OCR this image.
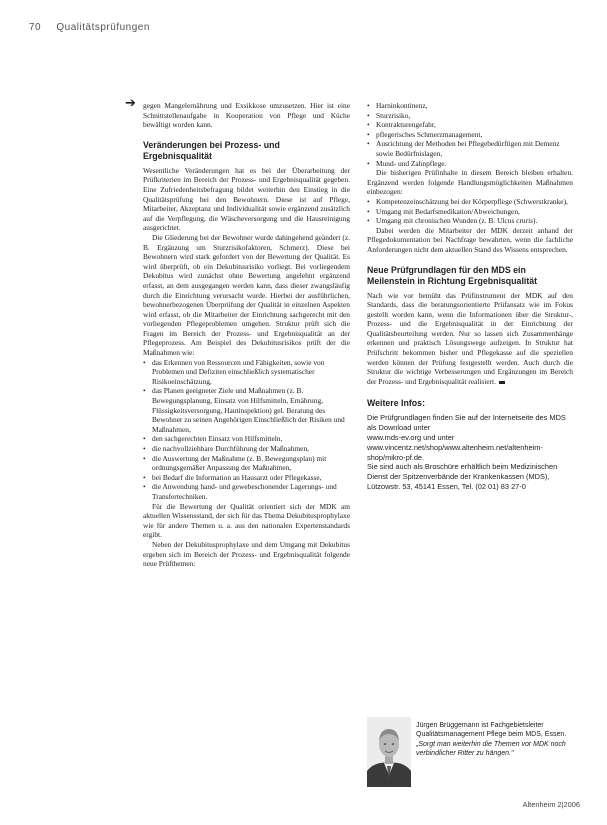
70 Qualitätsprüfungen

➔ gegen Mangelernährung und Exsikkose umzusetzen. Hier ist eine Schnittstellenaufgabe in Kooperation von Pflege und Küche bewältigt worden kann.

Veränderungen bei Prozess- und Ergebnisqualität

Wesentliche Veränderungen hat es bei der Überarbeitung der Prüfkriterien im Bereich der Prozess- und Ergebnisqualität gegeben. Eine Zufriedenheitsbefragung bildet weiterhin den Einstieg in die Qualitätsprüfung bei den Bewohnern. Diese ist auf Pflege, Mitarbeiter, Akzeptanz und Individualität sowie ergänzend zusätzlich auf die Verpflegung, die Wäscheversorgung und die Hausreinigung ausgerichtet.

Die Gliederung bei der Bewohner wurde dahingehend geändert (z. B. Ergänzung um Sturzrisikofaktoren, Schmerz). Diese bei Bewohnern wird stark gefordert von der Bewertung der Qualität. Es wird überprüft, ob ein Dekubitusrisiko vorliegt. Bei vorliegendem Dekubitus wird zunächst ohne Bewertung angelehnt ergänzend erfasst, an dem ausgegangen werden kann, dass dieser zwangsläufig durch die Einrichtung verursacht wurde. Hierbei der ausführlichen, bewohnerbezogenen Überprüfung der Qualität in einzelnen Aspekten wird erfasst, ob die Mitarbeiter der Einrichtung sachgerecht mit den vorliegenden Pflegeproblemen umgehen. Struktur prüft sich die Fragen im Bereich der Prozess- und Ergebnisqualität an der Pflegeprozess. Am Beispiel des Dekubitusrisikos prüft der die Maßnahmen wie:

• das Erkennen von Ressourcen und Fähigkeiten, sowie von Problemen und Defiziten einschließlich systematischer Risikoeinschätzung,
• das Planen geeigneter Ziele und Maßnahmen (z. B. Bewegungsplanung, Einsatz von Hilfsmitteln, Ernährung, Flüssigkeitsversorgung, Hautinspektion) gel. Beratung des Bewohner zu seinen Angehörigen Einschließlich der Risiken und Maßnahmen,
• den sachgerechten Einsatz von Hilfsmitteln,
• die nachvollziehbare Durchführung der Maßnahmen,
• die Auswertung der Maßnahme (z. B. Bewegungsplan) mit ordnungsgemäßer Anpassung der Maßnahmen,
• bei Bedarf die Information an Hausarzt oder Pflegekasse,
• die Anwendung hand- und gewebeschonender Lagerungs- und Transfertechniken.

Für die Bewertung der Qualität orientiert sich der MDK am aktuellen Wissensstand, der sich für das Thema Dekubitusprophylaxe wie für andere Themen u. a. aus den nationalen Expertenstandards ergibt.

Neben der Dekubitusprophylaxe und dem Umgang mit Dekubitus ergeben sich im Bereich der Prozess- und Ergebnisqualität folgende neue Prüfthemen:

• Harninkontinenz,
• Sturzrisiko,
• Kontrakturengefahr,
• pflegerisches Schmerzmanagement,
• Ausrichtung der Methoden bei Pflegebedürftigen mit Demenz sowie Bedürfnislagen,
• Mund- und Zahnpflege.

Die bisherigen Prüfinhalte in diesem Bereich bleiben erhalten. Ergänzend werden folgende Handlungsmöglichkeiten Maßnahmen einbezogen:

• Kompetenzeinschätzung bei der Körperpflege (Schwerstkranke),
• Umgang mit Bedarfsmedikation/Abweichungen,
• Umgang mit chronischen Wunden (z. B. Ulcus cruris).

Dabei werden die Mitarbeiter der MDK derzeit anhand der Pflegedokumentation bei Nachfrage bewahrten, wenn die fachliche Anforderungen nicht dem aktuellen Stand des Wissens entsprechen.

Neue Prüfgrundlagen für den MDS ein Meilenstein in Richtung Ergebnisqualität

Nach wie vor bemüht das Prüfinstrument der MDK auf den Standards, dass die beratungsorientierte Prüfansatz wie im Fokus gestellt worden kann, wenn die Informationen über die Struktur-, Prozess- und die Ergebnisqualität in der Einrichtung der Qualitätsbeurteilung werden. Nur so lassen sich Zusammenhänge erkennen und praktisch Lösungswege aufzeigen. In Struktur hat Prüfschritt bekommen bisher und Pflegekasse auf die speziellen werden können der Prüfung festgestellt werden. Auch durch die Struktur die wichtige Verbesserungen und Ergänzungen im Bereich der Prozess- und Ergebnisqualität realisiert.

Weitere Infos:
Die Prüfgrundlagen finden Sie auf der Internetseite des MDS als Download unter
www.mds-ev.org und unter
www.vincentz.net/shop/www.altenheim.net/altenheim-shop/mikro-pf.de.
Sie sind auch als Broschüre erhältlich beim Medizinischen Dienst der Spitzenverbände der Krankenkassen (MDS), Lützowstr. 53, 45141 Essen, Tel. (02 01) 83 27-0
Jürgen Brüggemann ist Fachgebietsleiter Qualitätsmanagement Pflege beim MDS, Essen.
„Sorgt man weiterhin die Themen vor MDK noch verbindlicher Ritter zu hängen."
Altenheim 2|2006
